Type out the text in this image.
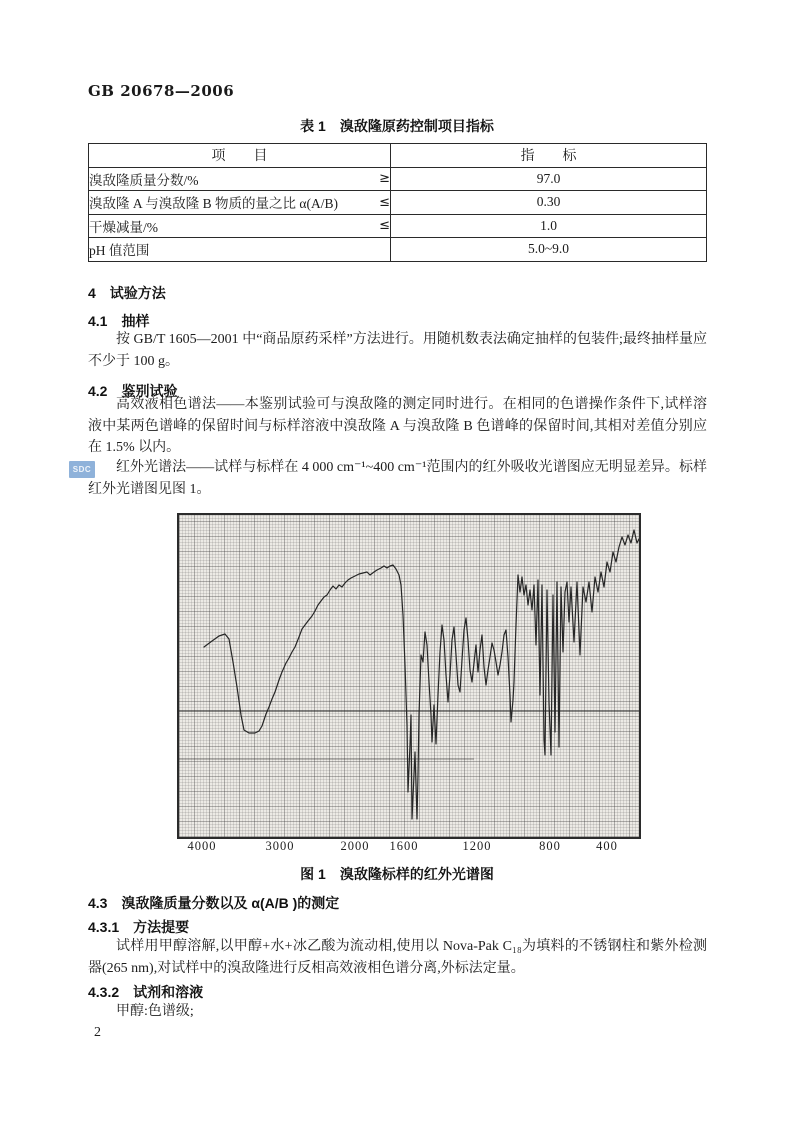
GB 20678—2006
表 1　溴敌隆原药控制项目指标
项　　目	指　　标

溴敌隆质量分数/% ≥	97.0

溴敌隆 A 与溴敌隆 B 物质的量之比 α(A/B) ≤	0.30

干燥减量/% ≤	1.0

pH 值范围	5.0~9.0
4　试验方法
4.1　抽样
按 GB/T 1605—2001 中“商品原药采样”方法进行。用随机数表法确定抽样的包装件;最终抽样量应不少于 100 g。
4.2　鉴别试验
高效液相色谱法——本鉴别试验可与溴敌隆的测定同时进行。在相同的色谱操作条件下,试样溶液中某两色谱峰的保留时间与标样溶液中溴敌隆 A 与溴敌隆 B 色谱峰的保留时间,其相对差值分别应在 1.5% 以内。
红外光谱法——试样与标样在 4 000 cm⁻¹~400 cm⁻¹范围内的红外吸收光谱图应无明显差异。标样红外光谱图见图 1。
SDC
4000	3000	2000 1600	1200	800	400
图 1　溴敌隆标样的红外光谱图
4.3　溴敌隆质量分数以及 α(A/B )的测定
4.3.1　方法提要
试样用甲醇溶解,以甲醇+水+冰乙酸为流动相,使用以 Nova-Pak C₁₈为填料的不锈钢柱和紫外检测器(265 nm),对试样中的溴敌隆进行反相高效液相色谱分离,外标法定量。
4.3.2　试剂和溶液
甲醇:色谱级;
2
